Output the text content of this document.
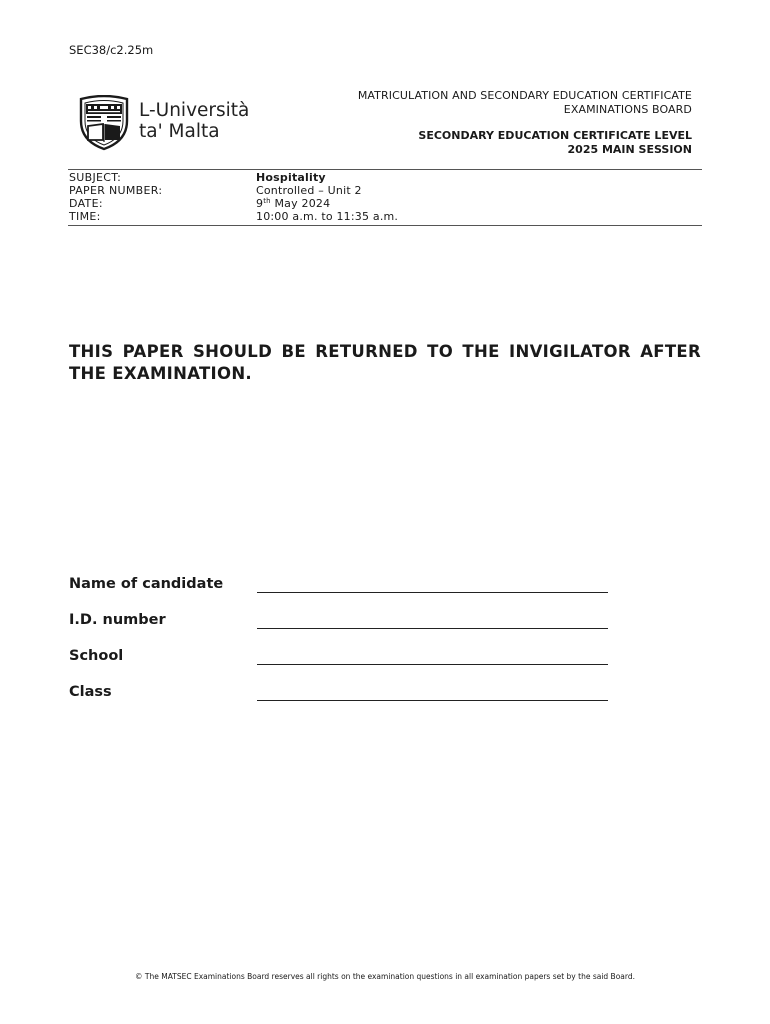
SEC38/c2.25m
L-Università
ta' Malta
MATRICULATION AND SECONDARY EDUCATION CERTIFICATE
EXAMINATIONS BOARD
SECONDARY EDUCATION CERTIFICATE LEVEL
2025 MAIN SESSION
SUBJECT:	Hospitality
PAPER NUMBER:	Controlled – Unit 2
DATE:	9th May 2024
TIME:	10:00 a.m. to 11:35 a.m.
THIS PAPER SHOULD BE RETURNED TO THE INVIGILATOR AFTER THE EXAMINATION.
Name of candidate
I.D. number
School
Class
© The MATSEC Examinations Board reserves all rights on the examination questions in all examination papers set by the said Board.
